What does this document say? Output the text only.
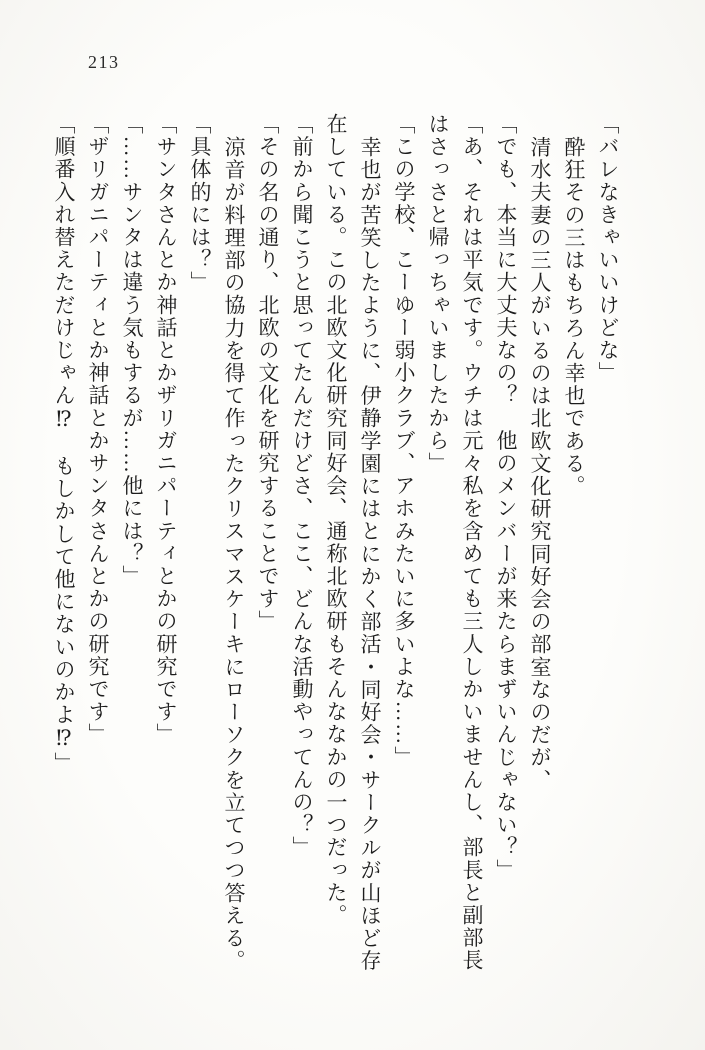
213

「バレなきゃいいけどな」

酔狂その三はもちろん幸也である。

清水夫妻の三人がいるのは北欧文化研究同好会の部室なのだが、

「でも、本当に大丈夫なの？　他のメンバーが来たらまずいんじゃない？」

「あ、それは平気です。ウチは元々私を含めても三人しかいませんし、部長と副部長はさっさと帰っちゃいましたから」

「この学校、こーゆー弱小クラブ、アホみたいに多いよな……」

幸也が苦笑したように、伊静学園にはとにかく部活・同好会・サークルが山ほど存在している。この北欧文化研究同好会、通称北欧研もそんななかの一つだった。

「前から聞こうと思ってたんだけどさ、ここ、どんな活動やってんの？」

「その名の通り、北欧の文化を研究することです」

涼音が料理部の協力を得て作ったクリスマスケーキにローソクを立てつつ答える。

「具体的には？」

「サンタさんとか神話とかザリガニパーティとかの研究です」

「……サンタは違う気もするが……他には？」

「ザリガニパーティとか神話とかサンタさんとかの研究です」

「順番入れ替えただけじゃん⁉　もしかして他にないのかよ⁉」
